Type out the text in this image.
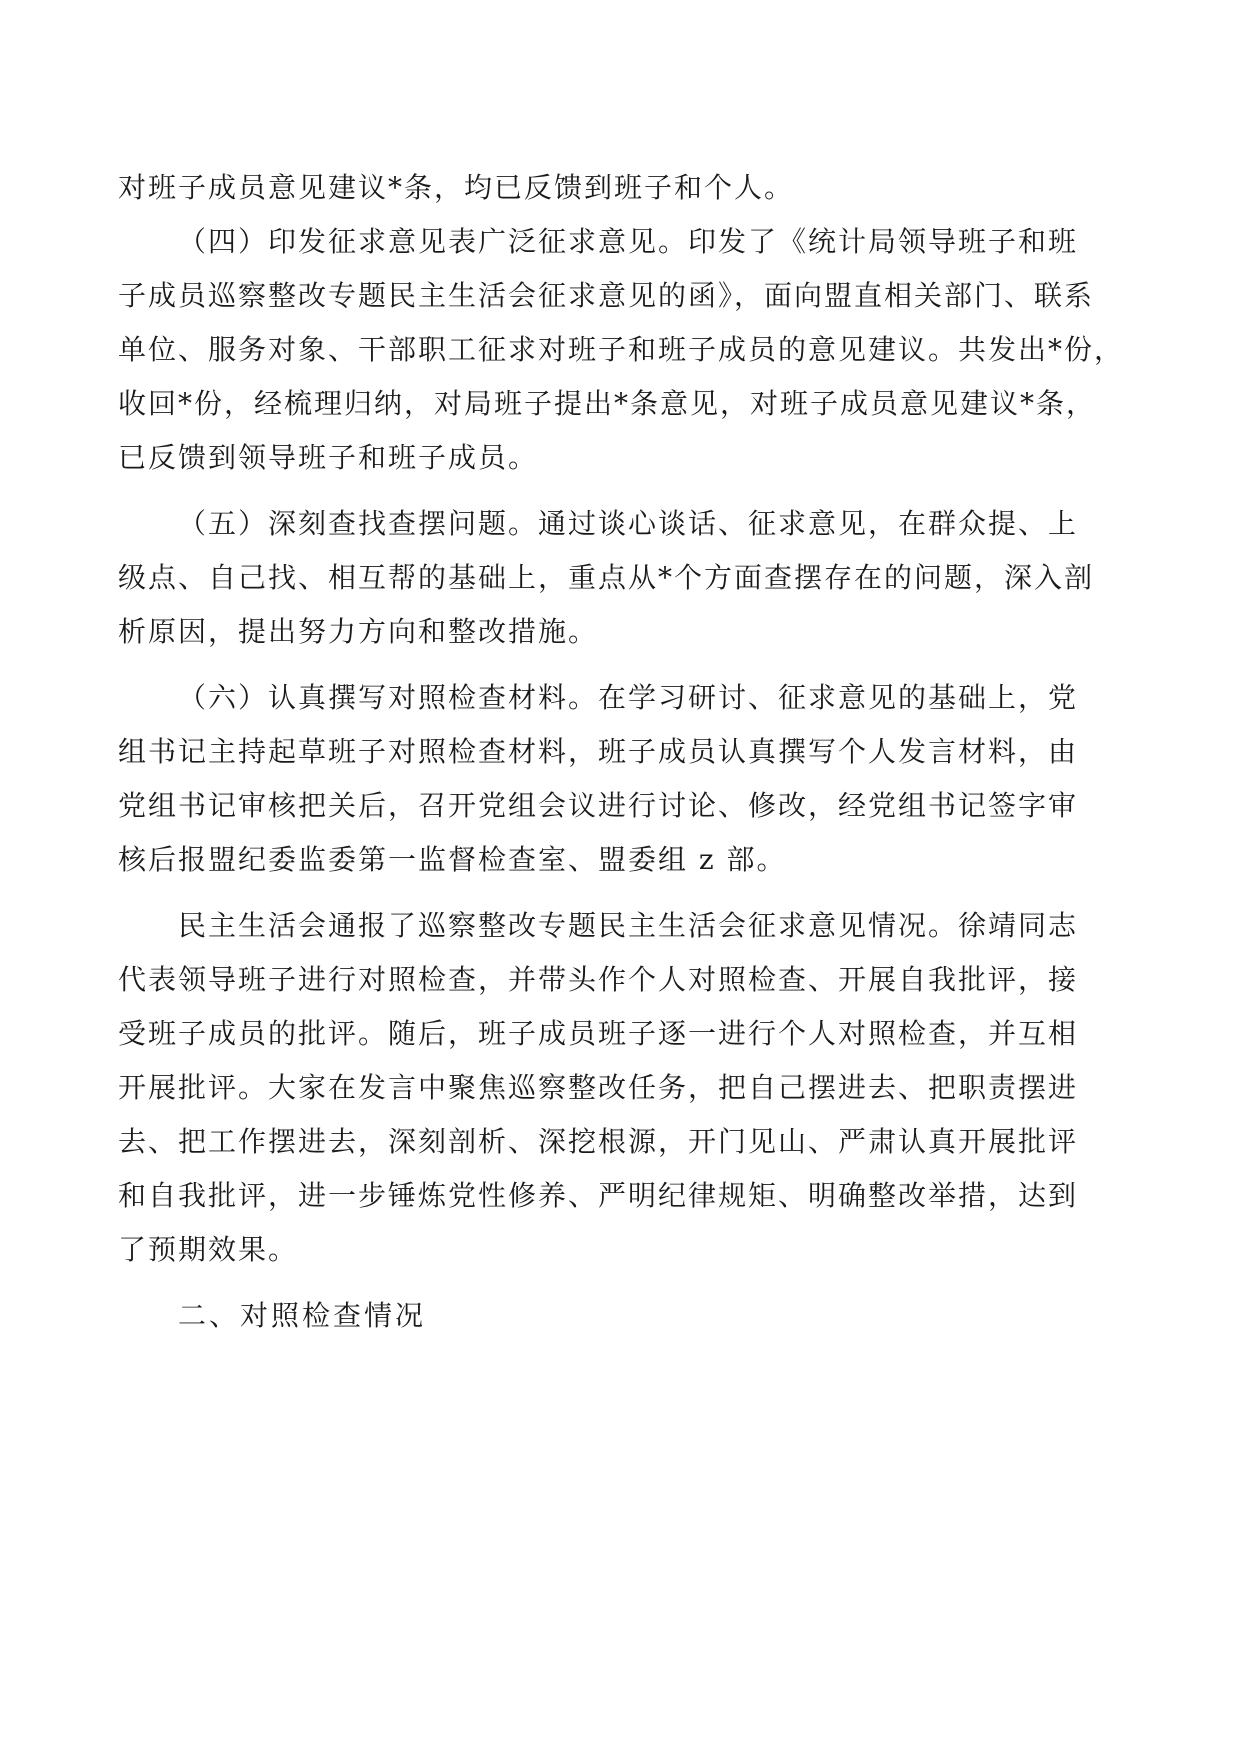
对班子成员意见建议*条，均已反馈到班子和个人。

（四）印发征求意见表广泛征求意见。印发了《统计局领导班子和班

子成员巡察整改专题民主生活会征求意见的函》，面向盟直相关部门、联系

单位、服务对象、干部职工征求对班子和班子成员的意见建议。共发出*份，

收回*份，经梳理归纳，对局班子提出*条意见，对班子成员意见建议*条，

已反馈到领导班子和班子成员。

（五）深刻查找查摆问题。通过谈心谈话、征求意见，在群众提、上

级点、自己找、相互帮的基础上，重点从*个方面查摆存在的问题，深入剖

析原因，提出努力方向和整改措施。

（六）认真撰写对照检查材料。在学习研讨、征求意见的基础上，党

组书记主持起草班子对照检查材料，班子成员认真撰写个人发言材料，由

党组书记审核把关后，召开党组会议进行讨论、修改，经党组书记签字审

核后报盟纪委监委第一监督检查室、盟委组 z 部。

民主生活会通报了巡察整改专题民主生活会征求意见情况。徐靖同志

代表领导班子进行对照检查，并带头作个人对照检查、开展自我批评，接

受班子成员的批评。随后，班子成员班子逐一进行个人对照检查，并互相

开展批评。大家在发言中聚焦巡察整改任务，把自己摆进去、把职责摆进

去、把工作摆进去，深刻剖析、深挖根源，开门见山、严肃认真开展批评

和自我批评，进一步锤炼党性修养、严明纪律规矩、明确整改举措，达到

了预期效果。

二、对照检查情况
